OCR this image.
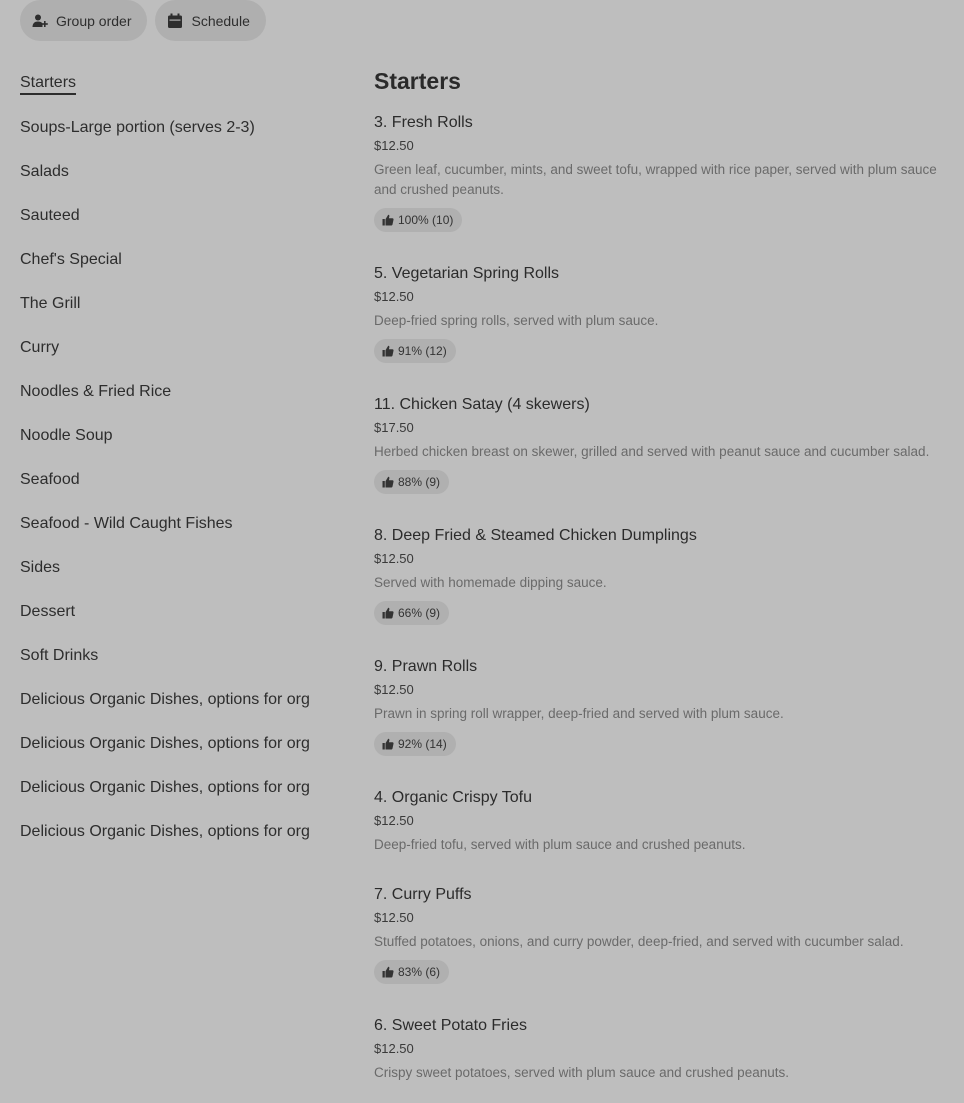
Group order	Schedule
Starters
Soups-Large portion (serves 2-3)
Salads
Sauteed
Chef's Special
The Grill
Curry
Noodles & Fried Rice
Noodle Soup
Seafood
Seafood - Wild Caught Fishes
Sides
Dessert
Soft Drinks
Delicious Organic Dishes, options for org
Delicious Organic Dishes, options for org
Delicious Organic Dishes, options for org
Delicious Organic Dishes, options for org
Starters
3. Fresh Rolls
$12.50
Green leaf, cucumber, mints, and sweet tofu, wrapped with rice paper, served with plum sauce and crushed peanuts.
100% (10)
5. Vegetarian Spring Rolls
$12.50
Deep-fried spring rolls, served with plum sauce.
91% (12)
11. Chicken Satay (4 skewers)
$17.50
Herbed chicken breast on skewer, grilled and served with peanut sauce and cucumber salad.
88% (9)
8. Deep Fried & Steamed Chicken Dumplings
$12.50
Served with homemade dipping sauce.
66% (9)
9. Prawn Rolls
$12.50
Prawn in spring roll wrapper, deep-fried and served with plum sauce.
92% (14)
4. Organic Crispy Tofu
$12.50
Deep-fried tofu, served with plum sauce and crushed peanuts.
7. Curry Puffs
$12.50
Stuffed potatoes, onions, and curry powder, deep-fried, and served with cucumber salad.
83% (6)
6. Sweet Potato Fries
$12.50
Crispy sweet potatoes, served with plum sauce and crushed peanuts.
